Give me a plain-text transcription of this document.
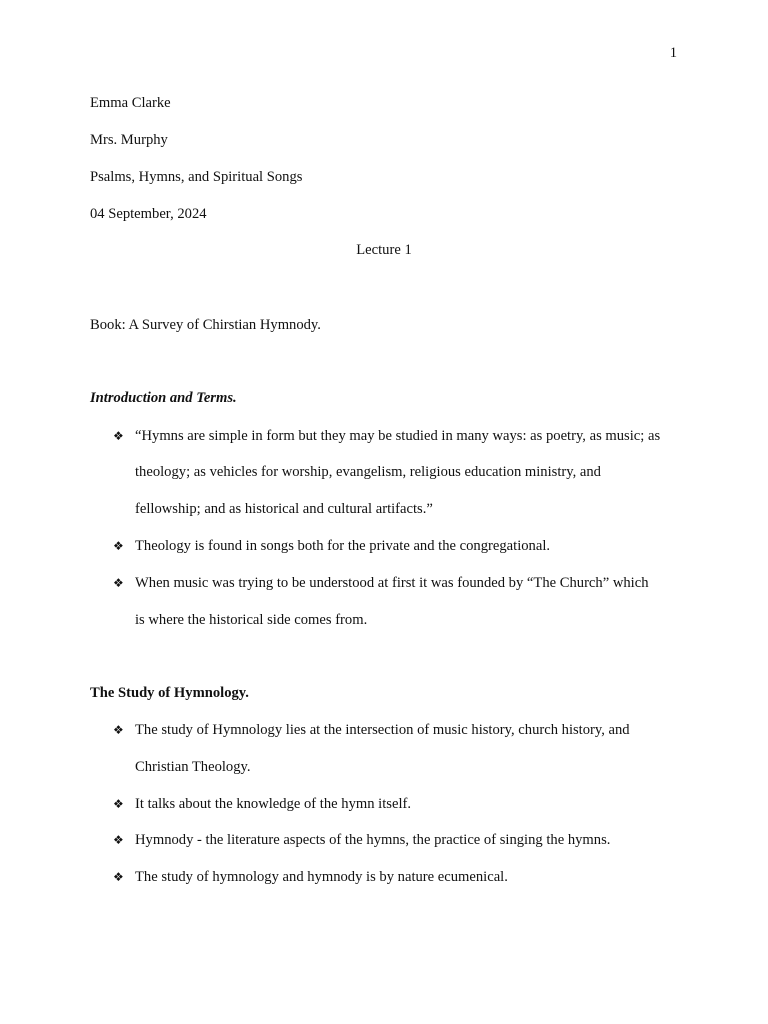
1
Emma Clarke
Mrs. Murphy
Psalms, Hymns, and Spiritual Songs
04 September, 2024
Lecture 1
Book: A Survey of Chirstian Hymnody.
Introduction and Terms.
❖ “Hymns are simple in form but they may be studied in many ways: as poetry, as music; as
theology; as vehicles for worship, evangelism, religious education ministry, and
fellowship; and as historical and cultural artifacts.”
❖ Theology is found in songs both for the private and the congregational.
❖ When music was trying to be understood at first it was founded by “The Church” which
is where the historical side comes from.
The Study of Hymnology.
❖ The study of Hymnology lies at the intersection of music history, church history, and
Christian Theology.
❖ It talks about the knowledge of the hymn itself.
❖ Hymnody - the literature aspects of the hymns, the practice of singing the hymns.
❖ The study of hymnology and hymnody is by nature ecumenical.
